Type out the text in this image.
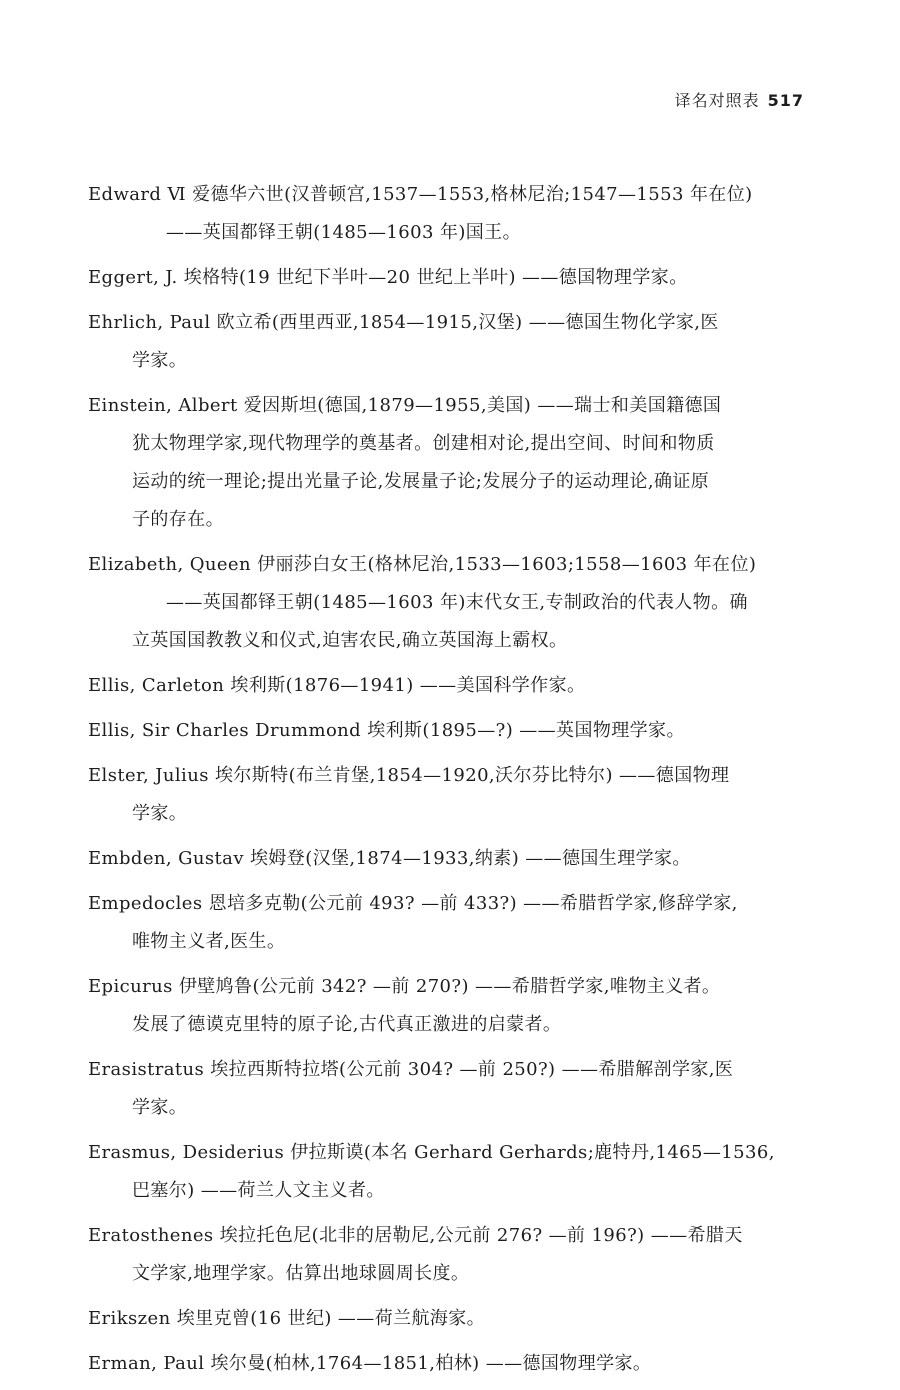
译名对照表 517

Edward Ⅵ 爱德华六世(汉普顿宫,1537—1553,格林尼治;1547—1553 年在位)
——英国都铎王朝(1485—1603 年)国王。

Eggert, J. 埃格特(19 世纪下半叶—20 世纪上半叶) ——德国物理学家。

Ehrlich, Paul 欧立希(西里西亚,1854—1915,汉堡) ——德国生物化学家,医
学家。

Einstein, Albert 爱因斯坦(德国,1879—1955,美国) ——瑞士和美国籍德国
犹太物理学家,现代物理学的奠基者。创建相对论,提出空间、时间和物质
运动的统一理论;提出光量子论,发展量子论;发展分子的运动理论,确证原
子的存在。

Elizabeth, Queen 伊丽莎白女王(格林尼治,1533—1603;1558—1603 年在位)
——英国都铎王朝(1485—1603 年)末代女王,专制政治的代表人物。确
立英国国教教义和仪式,迫害农民,确立英国海上霸权。

Ellis, Carleton 埃利斯(1876—1941) ——美国科学作家。

Ellis, Sir Charles Drummond 埃利斯(1895—?) ——英国物理学家。

Elster, Julius 埃尔斯特(布兰肯堡,1854—1920,沃尔芬比特尔) ——德国物理
学家。

Embden, Gustav 埃姆登(汉堡,1874—1933,纳素) ——德国生理学家。

Empedocles 恩培多克勒(公元前 493? —前 433?) ——希腊哲学家,修辞学家,
唯物主义者,医生。

Epicurus 伊壁鸠鲁(公元前 342? —前 270?) ——希腊哲学家,唯物主义者。
发展了德谟克里特的原子论,古代真正激进的启蒙者。

Erasistratus 埃拉西斯特拉塔(公元前 304? —前 250?) ——希腊解剖学家,医
学家。

Erasmus, Desiderius 伊拉斯谟(本名 Gerhard Gerhards;鹿特丹,1465—1536,
巴塞尔) ——荷兰人文主义者。

Eratosthenes 埃拉托色尼(北非的居勒尼,公元前 276? —前 196?) ——希腊天
文学家,地理学家。估算出地球圆周长度。

Erikszen 埃里克曾(16 世纪) ——荷兰航海家。

Erman, Paul 埃尔曼(柏林,1764—1851,柏林) ——德国物理学家。
